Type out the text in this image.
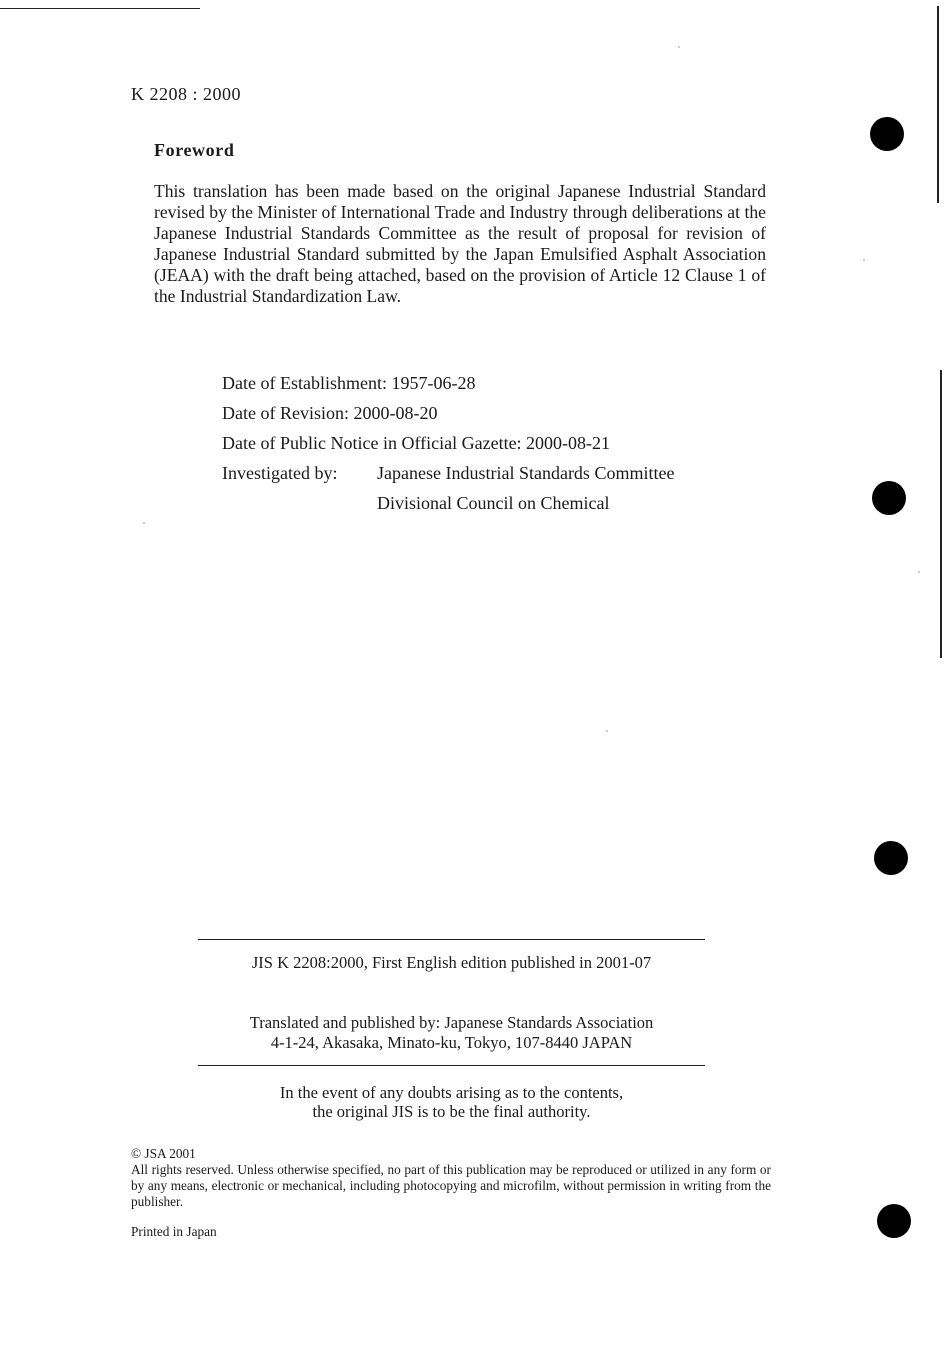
K 2208 : 2000
Foreword

This translation has been made based on the original Japanese Industrial Standard revised by the Minister of International Trade and Industry through deliberations at the Japanese Industrial Standards Committee as the result of proposal for revision of Japanese Industrial Standard submitted by the Japan Emulsified Asphalt Association (JEAA) with the draft being attached, based on the provision of Article 12 Clause 1 of the Industrial Standardization Law.

Date of Establishment: 1957-06-28
Date of Revision: 2000-08-20
Date of Public Notice in Official Gazette: 2000-08-21
Investigated by: Japanese Industrial Standards Committee
Divisional Council on Chemical
JIS K 2208:2000, First English edition published in 2001-07
Translated and published by: Japanese Standards Association
4-1-24, Akasaka, Minato-ku, Tokyo, 107-8440 JAPAN
In the event of any doubts arising as to the contents,
the original JIS is to be the final authority.

© JSA 2001

All rights reserved. Unless otherwise specified, no part of this publication may be reproduced or utilized in any form or by any means, electronic or mechanical, including photocopying and microfilm, without permission in writing from the publisher.

Printed in Japan
